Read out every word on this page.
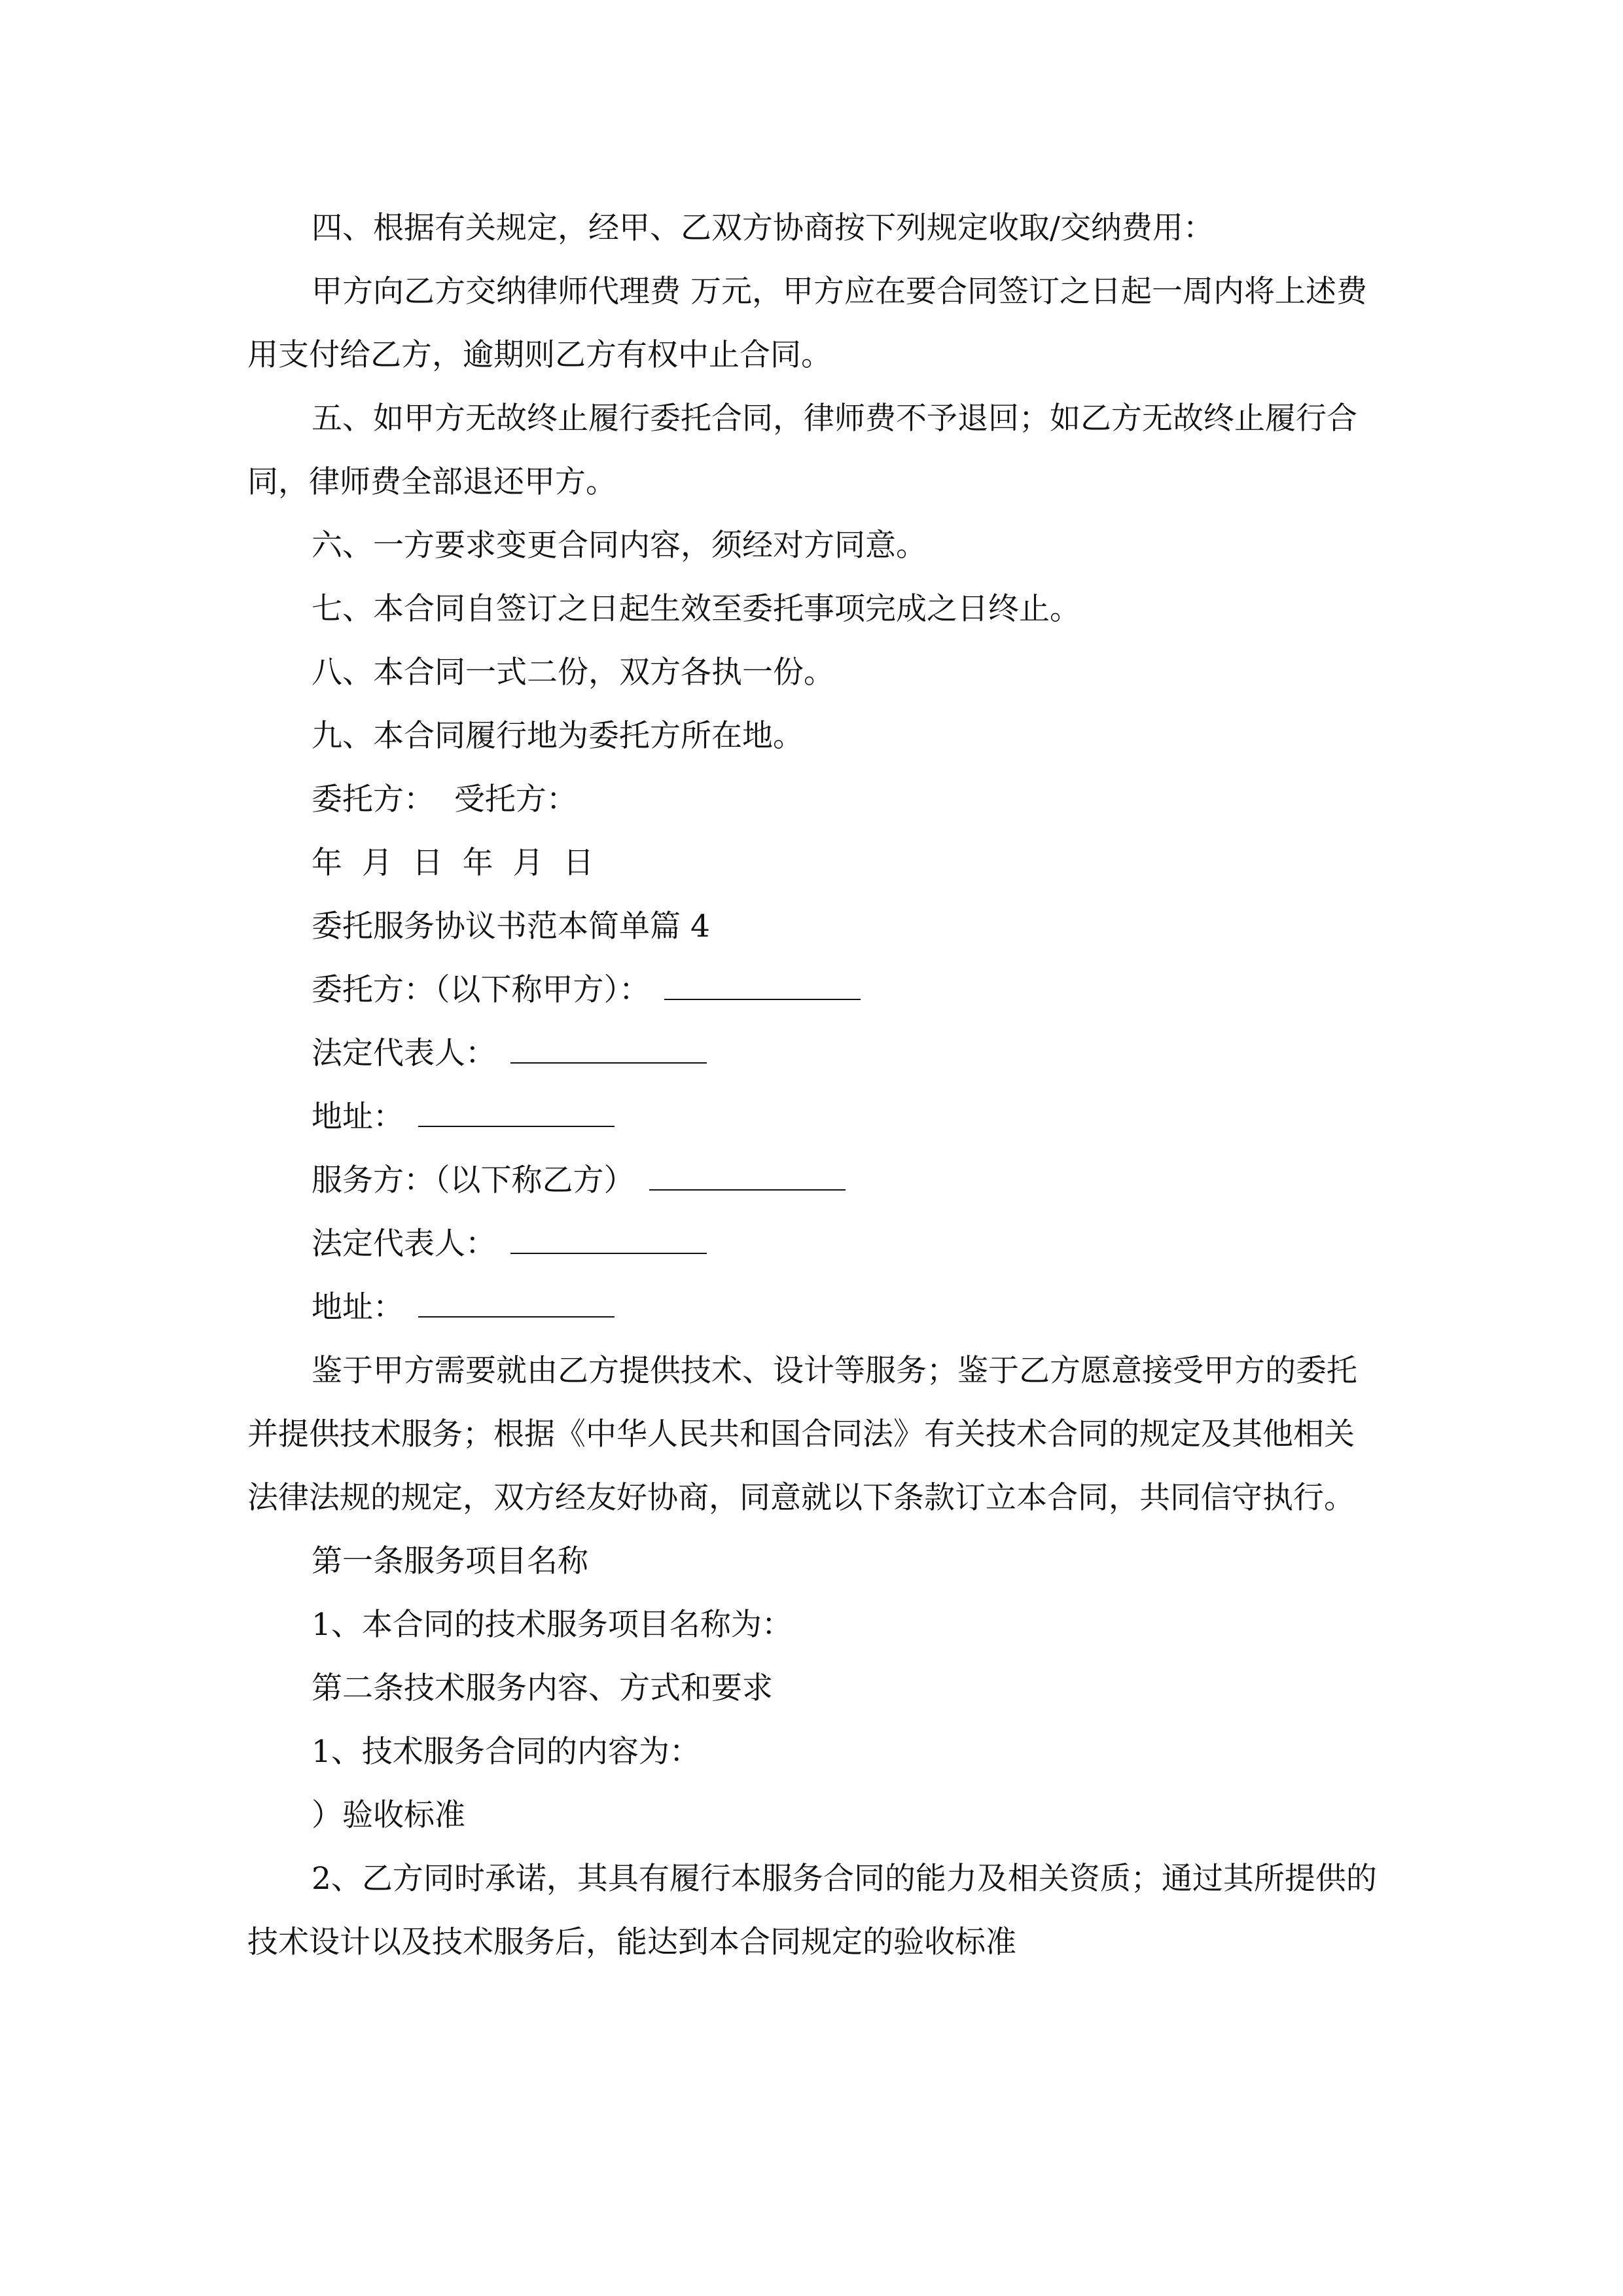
四、根据有关规定，经甲、乙双方协商按下列规定收取/交纳费用：

甲方向乙方交纳律师代理费 万元，甲方应在要合同签订之日起一周内将上述费用支付给乙方，逾期则乙方有权中止合同。

五、如甲方无故终止履行委托合同，律师费不予退回；如乙方无故终止履行合同，律师费全部退还甲方。

六、一方要求变更合同内容，须经对方同意。

七、本合同自签订之日起生效至委托事项完成之日终止。

八、本合同一式二份，双方各执一份。

九、本合同履行地为委托方所在地。

委托方：  受托方：

年  月  日  年  月  日

委托服务协议书范本简单篇 4

委托方：（以下称甲方）：

法定代表人：

地址：

服务方：（以下称乙方）

法定代表人：

地址：

鉴于甲方需要就由乙方提供技术、设计等服务；鉴于乙方愿意接受甲方的委托并提供技术服务；根据《中华人民共和国合同法》有关技术合同的规定及其他相关法律法规的规定，双方经友好协商，同意就以下条款订立本合同，共同信守执行。

第一条服务项目名称

1、本合同的技术服务项目名称为：

第二条技术服务内容、方式和要求

1、技术服务合同的内容为：

）验收标准

2、乙方同时承诺，其具有履行本服务合同的能力及相关资质；通过其所提供的技术设计以及技术服务后，能达到本合同规定的验收标准
